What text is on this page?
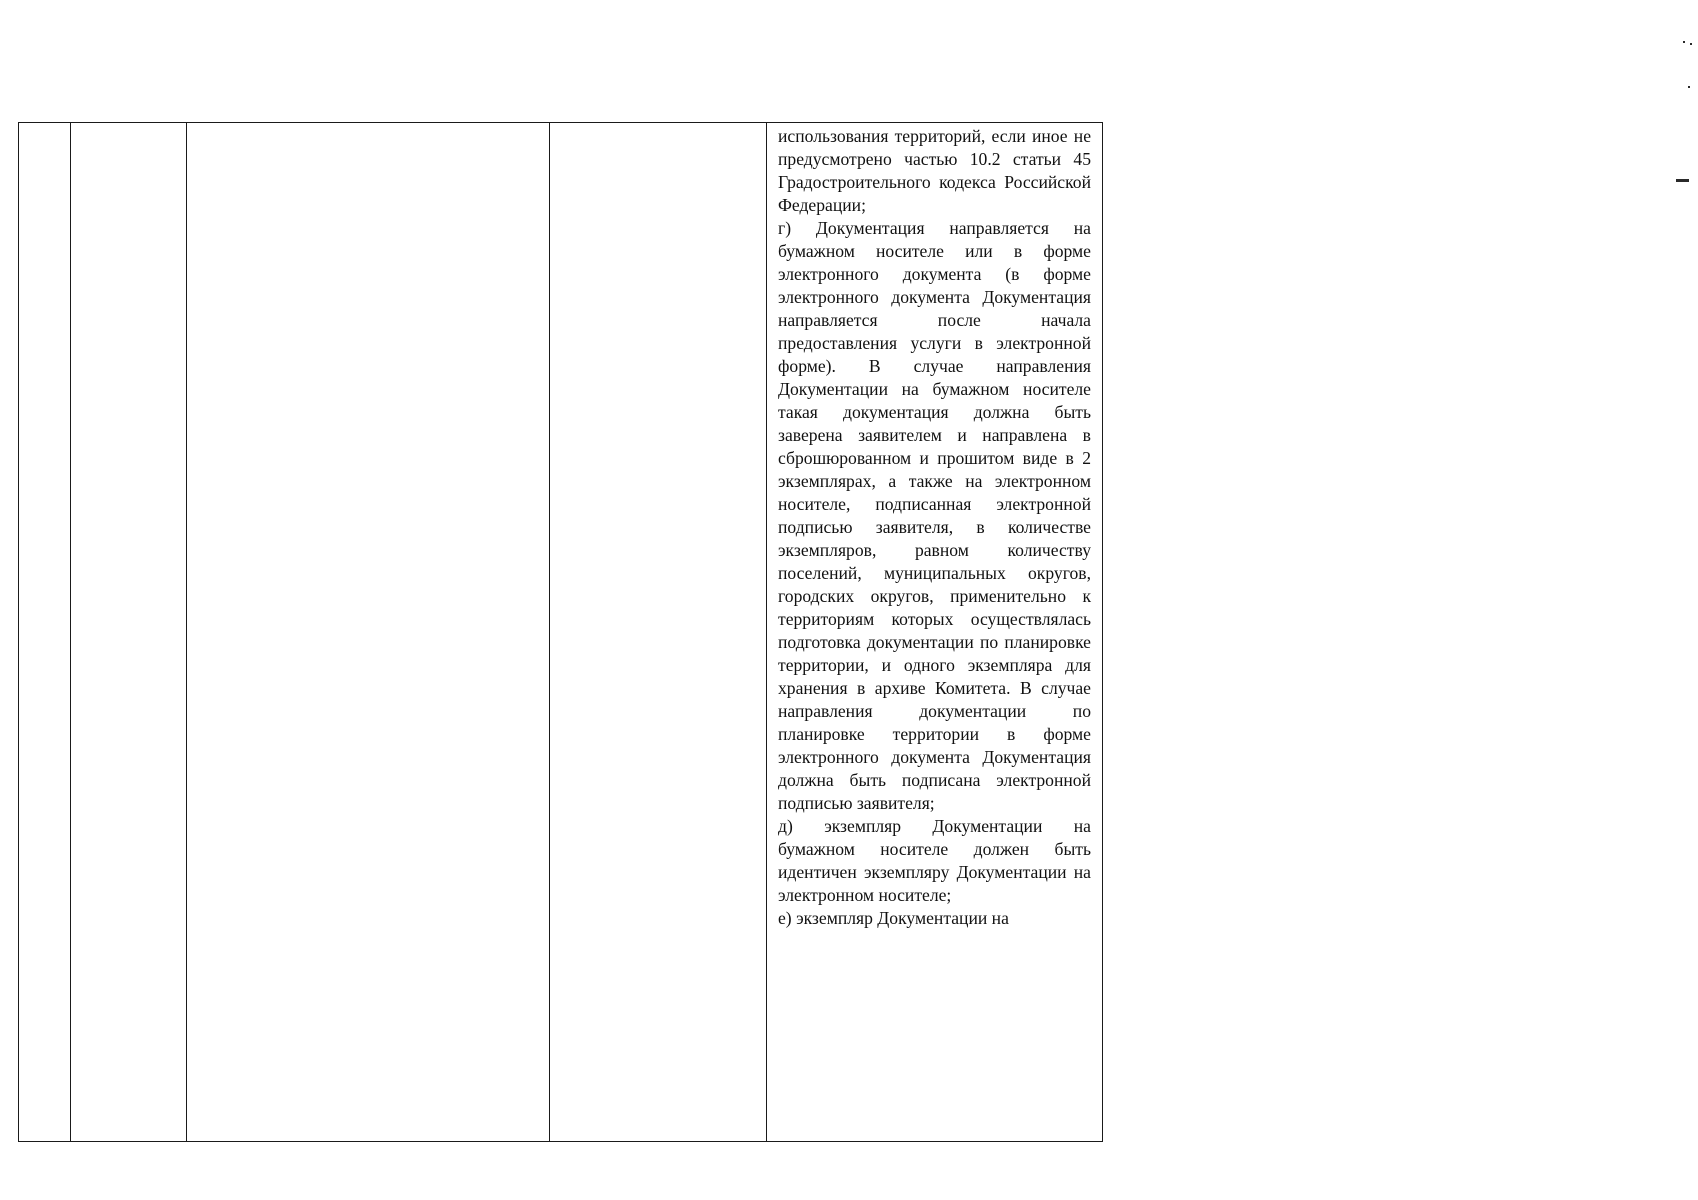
использования территорий, если иное не предусмотрено частью 10.2 статьи 45 Градостроительного кодекса Российской Федерации;

г) Документация направляется на бумажном носителе или в форме электронного документа (в форме электронного документа Документация направляется после начала предоставления услуги в электронной форме). В случае направления Документации на бумажном носителе такая документация должна быть заверена заявителем и направлена в сброшюрованном и прошитом виде в 2 экземплярах, а также на электронном носителе, подписанная электронной подписью заявителя, в количестве экземпляров, равном количеству поселений, муниципальных округов, городских округов, применительно к территориям которых осуществлялась подготовка документации по планировке территории, и одного экземпляра для хранения в архиве Комитета. В случае направления документации по планировке территории в форме электронного документа Документация должна быть подписана электронной подписью заявителя;

д) экземпляр Документации на бумажном носителе должен быть идентичен экземпляру Документации на электронном носителе;

е) экземпляр Документации на
